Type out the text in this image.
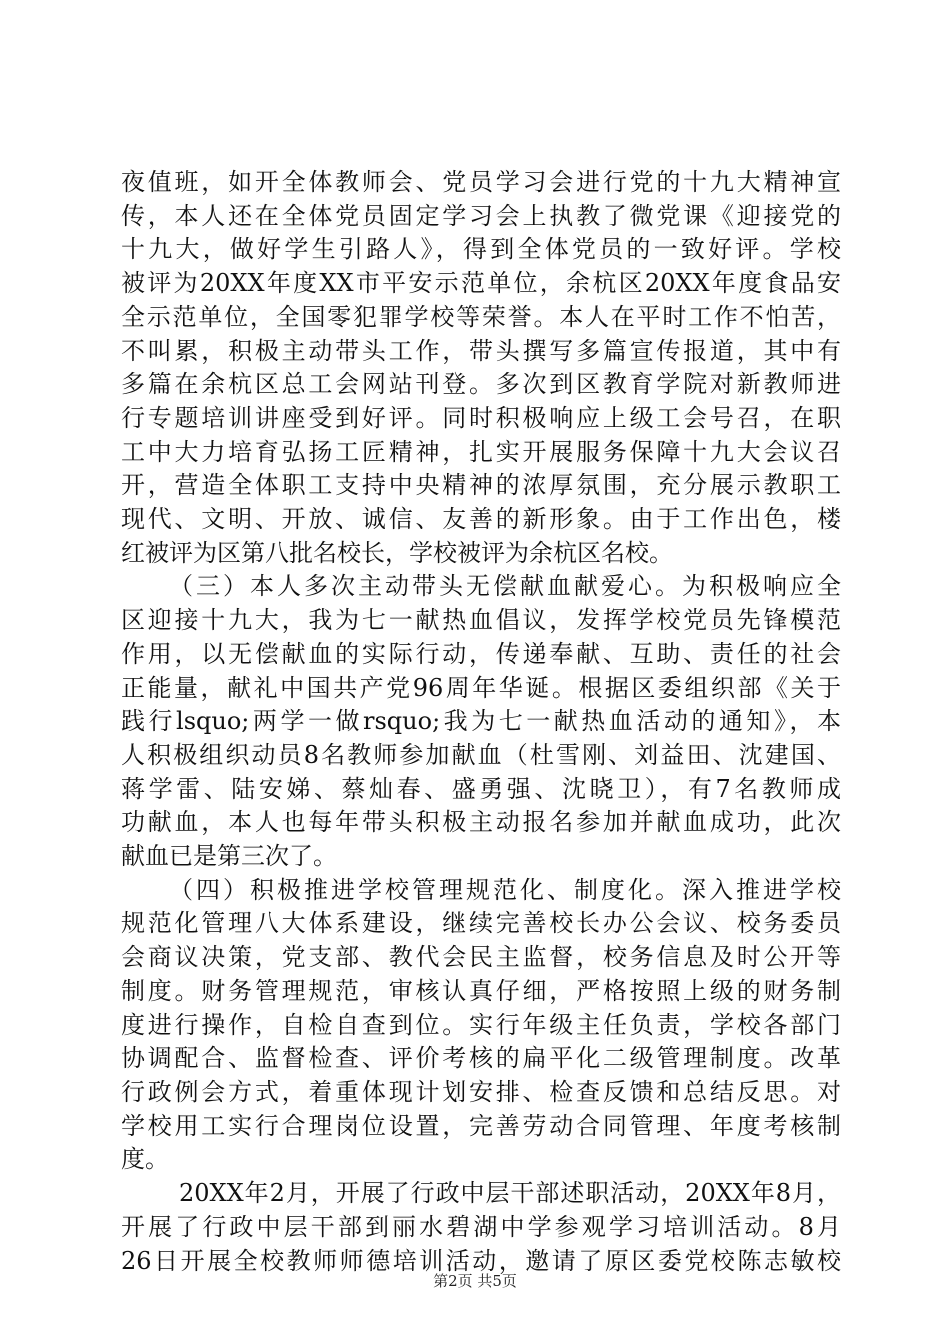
夜值班，如开全体教师会、党员学习会进行党的十九大精神宣
传，本人还在全体党员固定学习会上执教了微党课《迎接党的
十九大，做好学生引路人》，得到全体党员的一致好评。学校
被评为20XX年度XX市平安示范单位，余杭区20XX年度食品安
全示范单位，全国零犯罪学校等荣誉。本人在平时工作不怕苦，
不叫累，积极主动带头工作，带头撰写多篇宣传报道，其中有
多篇在余杭区总工会网站刊登。多次到区教育学院对新教师进
行专题培训讲座受到好评。同时积极响应上级工会号召，在职
工中大力培育弘扬工匠精神，扎实开展服务保障十九大会议召
开，营造全体职工支持中央精神的浓厚氛围，充分展示教职工
现代、文明、开放、诚信、友善的新形象。由于工作出色，楼
红被评为区第八批名校长，学校被评为余杭区名校。
（三）本人多次主动带头无偿献血献爱心。为积极响应全
区迎接十九大，我为七一献热血倡议，发挥学校党员先锋模范
作用，以无偿献血的实际行动，传递奉献、互助、责任的社会
正能量，献礼中国共产党96周年华诞。根据区委组织部《关于
践行lsquo;两学一做rsquo;我为七一献热血活动的通知》，本
人积极组织动员8名教师参加献血（杜雪刚、刘益田、沈建国、
蒋学雷、陆安娣、蔡灿春、盛勇强、沈晓卫），有7名教师成
功献血，本人也每年带头积极主动报名参加并献血成功，此次
献血已是第三次了。
（四）积极推进学校管理规范化、制度化。深入推进学校
规范化管理八大体系建设，继续完善校长办公会议、校务委员
会商议决策，党支部、教代会民主监督，校务信息及时公开等
制度。财务管理规范，审核认真仔细，严格按照上级的财务制
度进行操作，自检自查到位。实行年级主任负责，学校各部门
协调配合、监督检查、评价考核的扁平化二级管理制度。改革
行政例会方式，着重体现计划安排、检查反馈和总结反思。对
学校用工实行合理岗位设置，完善劳动合同管理、年度考核制
度。
20XX年2月，开展了行政中层干部述职活动，20XX年8月，
开展了行政中层干部到丽水碧湖中学参观学习培训活动。8月
26日开展全校教师师德培训活动，邀请了原区委党校陈志敏校
第2页 共5页
